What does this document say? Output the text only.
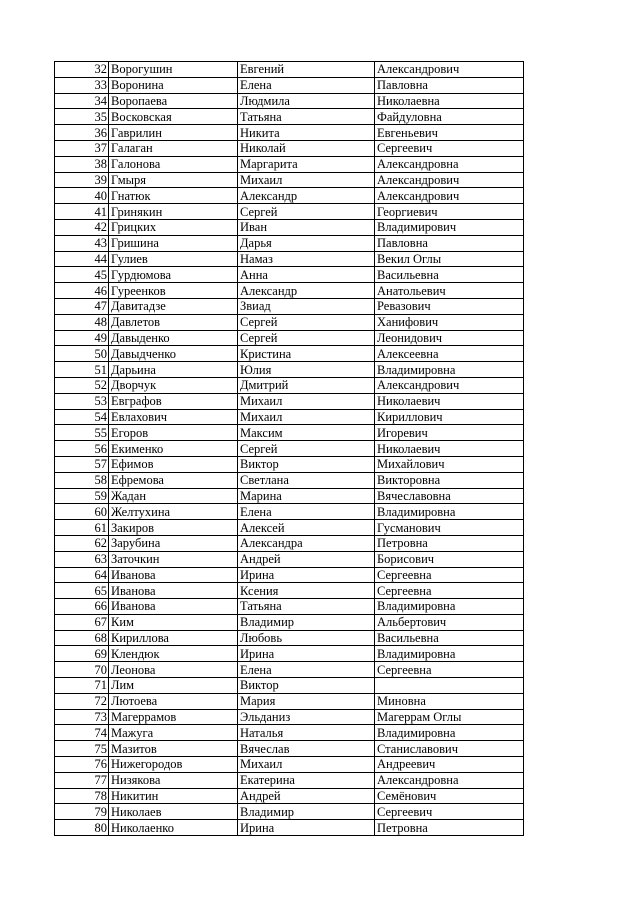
32	Ворогушин	Евгений	Александрович
33	Воронина	Елена	Павловна
34	Воропаева	Людмила	Николаевна
35	Восковская	Татьяна	Файдуловна
36	Гаврилин	Никита	Евгеньевич
37	Галаган	Николай	Сергеевич
38	Галонова	Маргарита	Александровна
39	Гмыря	Михаил	Александрович
40	Гнатюк	Александр	Александрович
41	Гринякин	Сергей	Георгиевич
42	Грицких	Иван	Владимирович
43	Гришина	Дарья	Павловна
44	Гулиев	Намаз	Векил Оглы
45	Гурдюмова	Анна	Васильевна
46	Гуреенков	Александр	Анатольевич
47	Давитадзе	Звиад	Ревазович
48	Давлетов	Сергей	Ханифович
49	Давыденко	Сергей	Леонидович
50	Давыдченко	Кристина	Алексеевна
51	Дарьина	Юлия	Владимировна
52	Дворчук	Дмитрий	Александрович
53	Евграфов	Михаил	Николаевич
54	Евлахович	Михаил	Кириллович
55	Егоров	Максим	Игоревич
56	Екименко	Сергей	Николаевич
57	Ефимов	Виктор	Михайлович
58	Ефремова	Светлана	Викторовна
59	Жадан	Марина	Вячеславовна
60	Желтухина	Елена	Владимировна
61	Закиров	Алексей	Гусманович
62	Зарубина	Александра	Петровна
63	Заточкин	Андрей	Борисович
64	Иванова	Ирина	Сергеевна
65	Иванова	Ксения	Сергеевна
66	Иванова	Татьяна	Владимировна
67	Ким	Владимир	Альбертович
68	Кириллова	Любовь	Васильевна
69	Клендюк	Ирина	Владимировна
70	Леонова	Елена	Сергеевна
71	Лим	Виктор	
72	Лютоева	Мария	Миновна
73	Магеррамов	Эльданиз	Магеррам Оглы
74	Мажуга	Наталья	Владимировна
75	Мазитов	Вячеслав	Станиславович
76	Нижегородов	Михаил	Андреевич
77	Низякова	Екатерина	Александровна
78	Никитин	Андрей	Семёнович
79	Николаев	Владимир	Сергеевич
80	Николаенко	Ирина	Петровна
